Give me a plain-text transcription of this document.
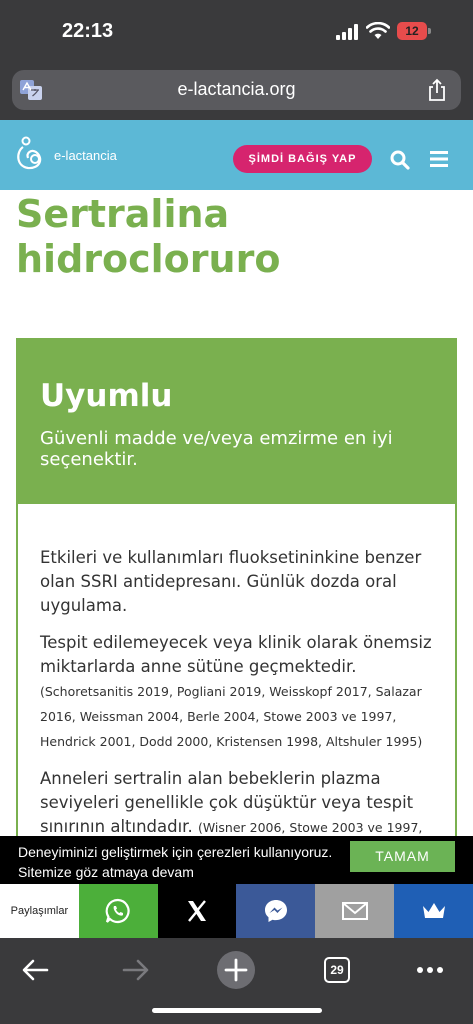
22:13	12
e-lactancia.org
e-lactancia	ŞİMDİ BAĞIŞ YAP
Sertralina hidrocloruro
Uyumlu
Güvenli madde ve/veya emzirme en iyi seçenektir.

Etkileri ve kullanımları fluoksetininkine benzer olan SSRI antidepresanı. Günlük dozda oral uygulama.

Tespit edilemeyecek veya klinik olarak önemsiz miktarlarda anne sütüne geçmektedir. (Schoretsanitis 2019, Pogliani 2019, Weisskopf 2017, Salazar 2016, Weissman 2004, Berle 2004, Stowe 2003 ve 1997, Hendrick 2001, Dodd 2000, Kristensen 1998, Altshuler 1995)

Anneleri sertralin alan bebeklerin plazma seviyeleri genellikle çok düşüktür veya tespit sınırının altındadır. (Wisner 2006, Stowe 2003 ve 1997,

Deneyiminizi geliştirmek için çerezleri kullanıyoruz. Sitemize göz atmaya devam
TAMAM
Paylaşımlar
29
